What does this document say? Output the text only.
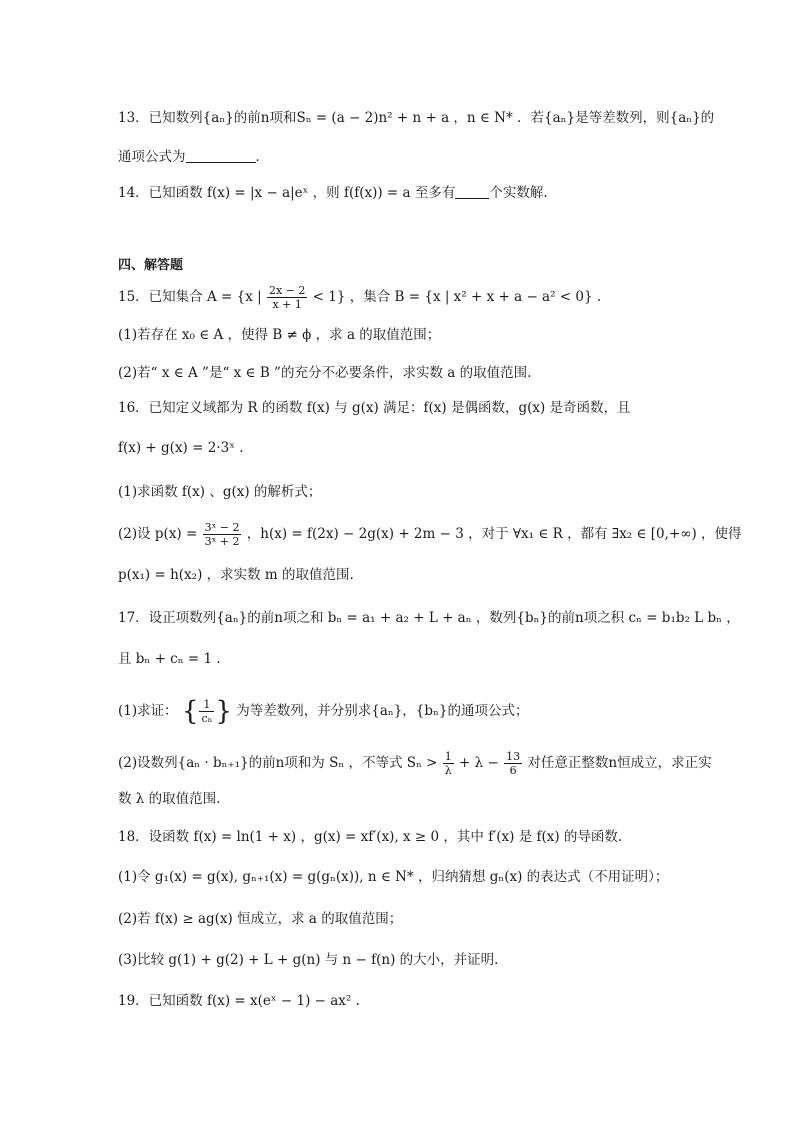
13．已知数列{aₙ}的前n项和Sₙ = (a − 2)n² + n + a ，n ∈ N* ．若{aₙ}是等差数列，则{aₙ}的
通项公式为	．
14．已知函数 f(x) = |x − a|eˣ ，则 f(f(x)) = a 至多有	个实数解.
四、解答题
15．已知集合 A = {x | $\frac{2x - 2}{x + 1} < 1$} ，集合 B = {x | x² + x + a − a² < 0} .
(1)若存在 x₀ ∈ A ，使得 B ≠ ϕ ，求 a 的取值范围；
(2)若“ x ∈ A ”是“ x ∈ B ”的充分不必要条件，求实数 a 的取值范围.
16．已知定义域都为 R 的函数 f(x) 与 g(x) 满足：f(x) 是偶函数，g(x) 是奇函数，且
f(x) + g(x) = 2·3ˣ .
(1)求函数 f(x) 、g(x) 的解析式；
(2)设 $p(x) = \frac{\text{3ˣ − 2}}{\text{3ˣ + 2}}$ ，h(x) = f(2x) − 2g(x) + 2m − 3 ，对于 ∀x₁ ∈ R ，都有 ∃x₂ ∈ [0,+∞) ，使得
p(x₁) = h(x₂) ，求实数 m 的取值范围.
17．设正项数列{aₙ}的前n项之和 bₙ = a₁ + a₂ + L + aₙ ，数列{bₙ}的前n项之积 cₙ = b₁b₂ L bₙ ，
且 bₙ + cₙ = 1 .
(1)求证： { $\frac{1}{\text{cₙ}}$ } 为等差数列，并分别求{aₙ}，{bₙ}的通项公式；
(2)设数列{aₙ · bₙ₊₁}的前n项和为 Sₙ ，不等式 $S_n > \frac{1}{\lambda} + \lambda - \frac{13}{6}$ 对任意正整数n恒成立，求正实
数 λ 的取值范围.
18．设函数 f(x) = ln(1 + x) ，g(x) = xf′(x), x ≥ 0 ，其中 f′(x) 是 f(x) 的导函数.
(1)令 g₁(x) = g(x), gₙ₊₁(x) = g(gₙ(x)), n ∈ N* ，归纳猜想 gₙ(x) 的表达式（不用证明）；
(2)若 f(x) ≥ ag(x) 恒成立，求 a 的取值范围；
(3)比较 g(1) + g(2) + L + g(n) 与 n − f(n) 的大小，并证明.
19．已知函数 f(x) = x(eˣ − 1) − ax² .
